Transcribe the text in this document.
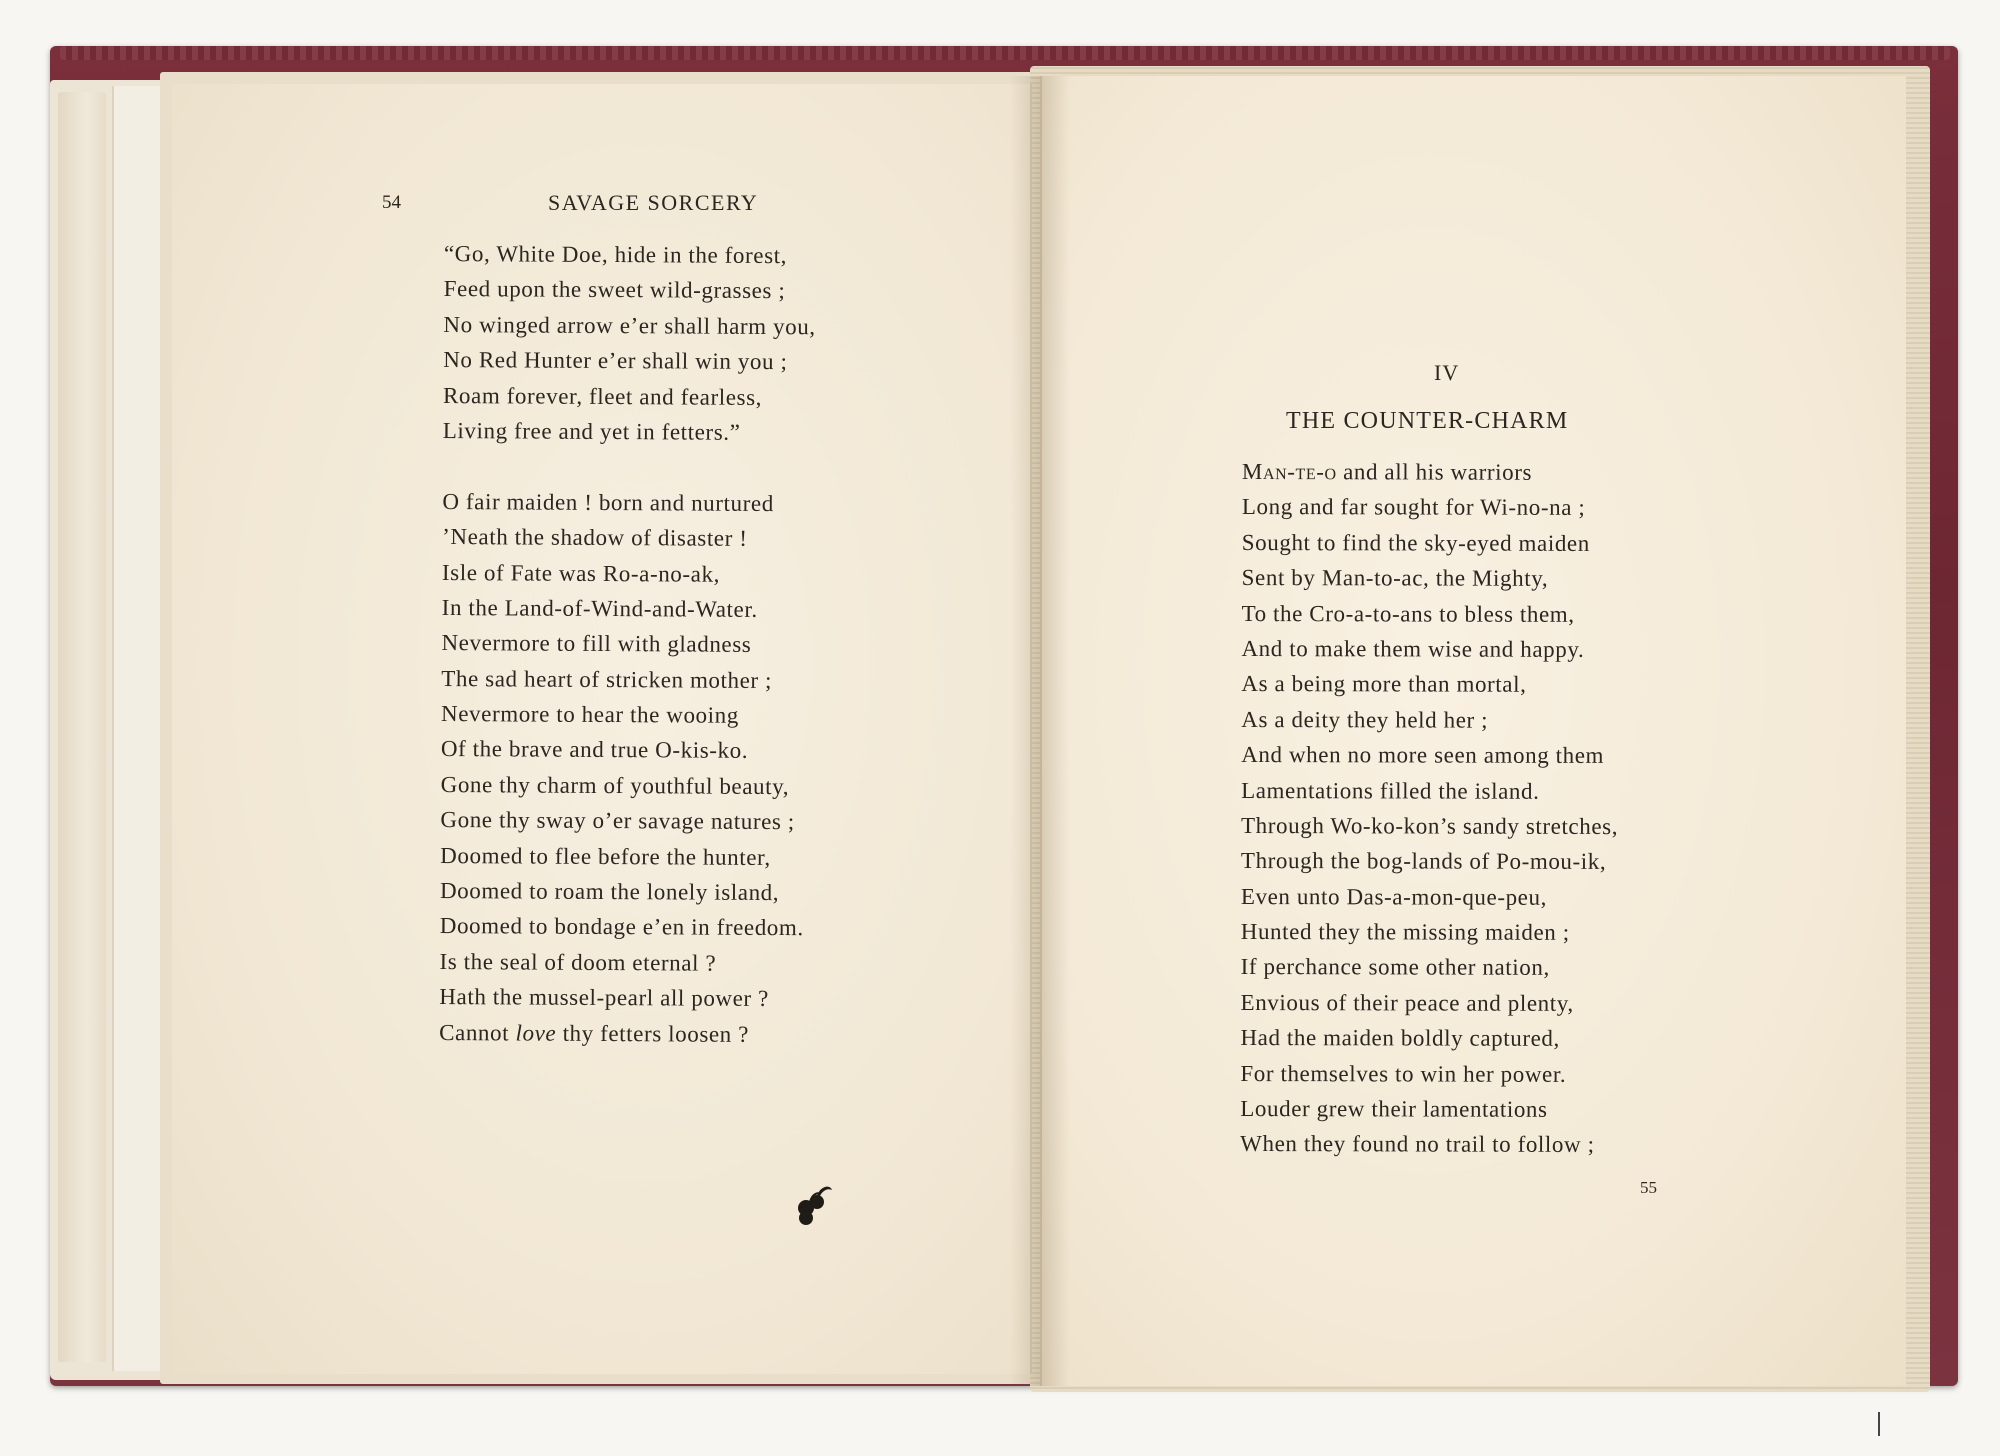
54	SAVAGE SORCERY
“Go, White Doe, hide in the forest,
Feed upon the sweet wild-grasses ;
No winged arrow e’er shall harm you,
No Red Hunter e’er shall win you ;
Roam forever, fleet and fearless,
Living free and yet in fetters.”
O fair maiden ! born and nurtured
’Neath the shadow of disaster !
Isle of Fate was Ro-a-no-ak,
In the Land-of-Wind-and-Water.
Nevermore to fill with gladness
The sad heart of stricken mother ;
Nevermore to hear the wooing
Of the brave and true O-kis-ko.
Gone thy charm of youthful beauty,
Gone thy sway o’er savage natures ;
Doomed to flee before the hunter,
Doomed to roam the lonely island,
Doomed to bondage e’en in freedom.
Is the seal of doom eternal ?
Hath the mussel-pearl all power ?
Cannot love thy fetters loosen ?
IV
THE COUNTER-CHARM
Man-te-o and all his warriors
Long and far sought for Wi-no-na ;
Sought to find the sky-eyed maiden
Sent by Man-to-ac, the Mighty,
To the Cro-a-to-ans to bless them,
And to make them wise and happy.
As a being more than mortal,
As a deity they held her ;
And when no more seen among them
Lamentations filled the island.
Through Wo-ko-kon’s sandy stretches,
Through the bog-lands of Po-mou-ik,
Even unto Das-a-mon-que-peu,
Hunted they the missing maiden ;
If perchance some other nation,
Envious of their peace and plenty,
Had the maiden boldly captured,
For themselves to win her power.
Louder grew their lamentations
When they found no trail to follow ;
55
